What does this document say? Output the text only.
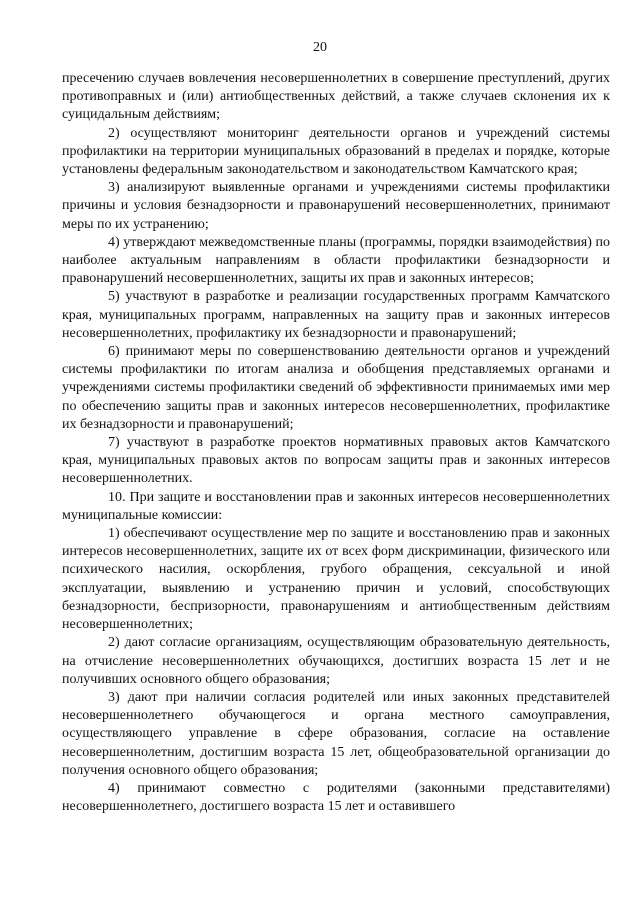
20

пресечению случаев вовлечения несовершеннолетних в совершение преступлений, других противоправных и (или) антиобщественных действий, а также случаев склонения их к суицидальным действиям;

2) осуществляют мониторинг деятельности органов и учреждений системы профилактики на территории муниципальных образований в пределах и порядке, которые установлены федеральным законодательством и законодательством Камчатского края;

3) анализируют выявленные органами и учреждениями системы профилактики причины и условия безнадзорности и правонарушений несовершеннолетних, принимают меры по их устранению;

4) утверждают межведомственные планы (программы, порядки взаимодействия) по наиболее актуальным направлениям в области профилактики безнадзорности и правонарушений несовершеннолетних, защиты их прав и законных интересов;

5) участвуют в разработке и реализации государственных программ Камчатского края, муниципальных программ, направленных на защиту прав и законных интересов несовершеннолетних, профилактику их безнадзорности и правонарушений;

6) принимают меры по совершенствованию деятельности органов и учреждений системы профилактики по итогам анализа и обобщения представляемых органами и учреждениями системы профилактики сведений об эффективности принимаемых ими мер по обеспечению защиты прав и законных интересов несовершеннолетних, профилактике их безнадзорности и правонарушений;

7) участвуют в разработке проектов нормативных правовых актов Камчатского края, муниципальных правовых актов по вопросам защиты прав и законных интересов несовершеннолетних.

10. При защите и восстановлении прав и законных интересов несовершеннолетних муниципальные комиссии:

1) обеспечивают осуществление мер по защите и восстановлению прав и законных интересов несовершеннолетних, защите их от всех форм дискриминации, физического или психического насилия, оскорбления, грубого обращения, сексуальной и иной эксплуатации, выявлению и устранению причин и условий, способствующих безнадзорности, беспризорности, правонарушениям и антиобщественным действиям несовершеннолетних;

2) дают согласие организациям, осуществляющим образовательную деятельность, на отчисление несовершеннолетних обучающихся, достигших возраста 15 лет и не получивших основного общего образования;

3) дают при наличии согласия родителей или иных законных представителей несовершеннолетнего обучающегося и органа местного самоуправления, осуществляющего управление в сфере образования, согласие на оставление несовершеннолетним, достигшим возраста 15 лет, общеобразовательной организации до получения основного общего образования;

4) принимают совместно с родителями (законными представителями) несовершеннолетнего, достигшего возраста 15 лет и оставившего
